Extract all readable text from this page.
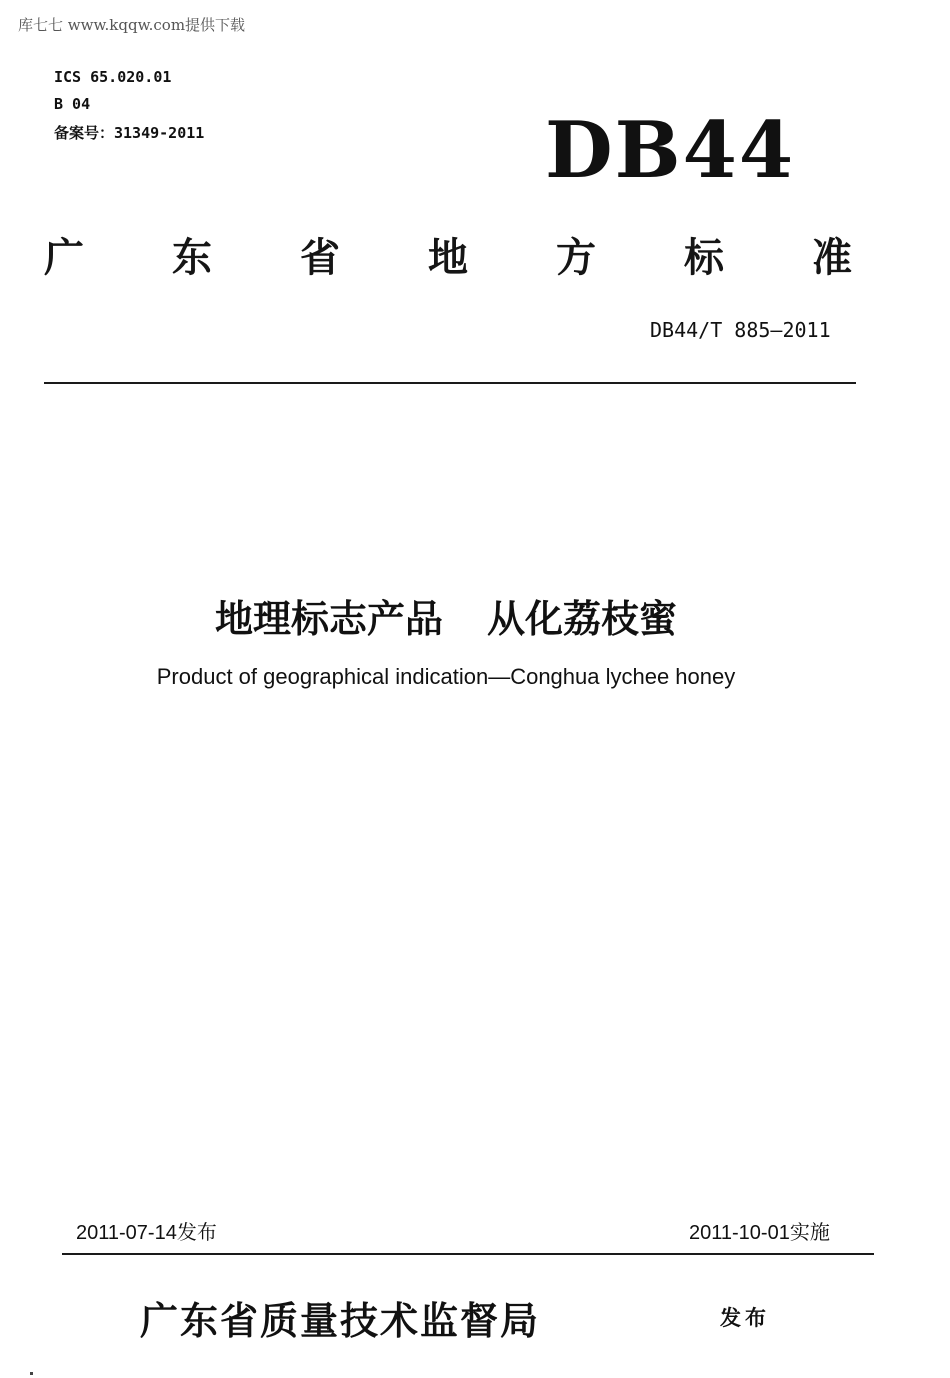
库七七 www.kqqw.com提供下载
ICS 65.020.01
B 04
备案号：31349-2011	DB44
广 东 省 地 方 标 准
DB44/T 885—2011
地理标志产品 从化荔枝蜜
Product of geographical indication—Conghua lychee honey
2011-07-14发布	2011-10-01实施
广东省质量技术监督局	发布
